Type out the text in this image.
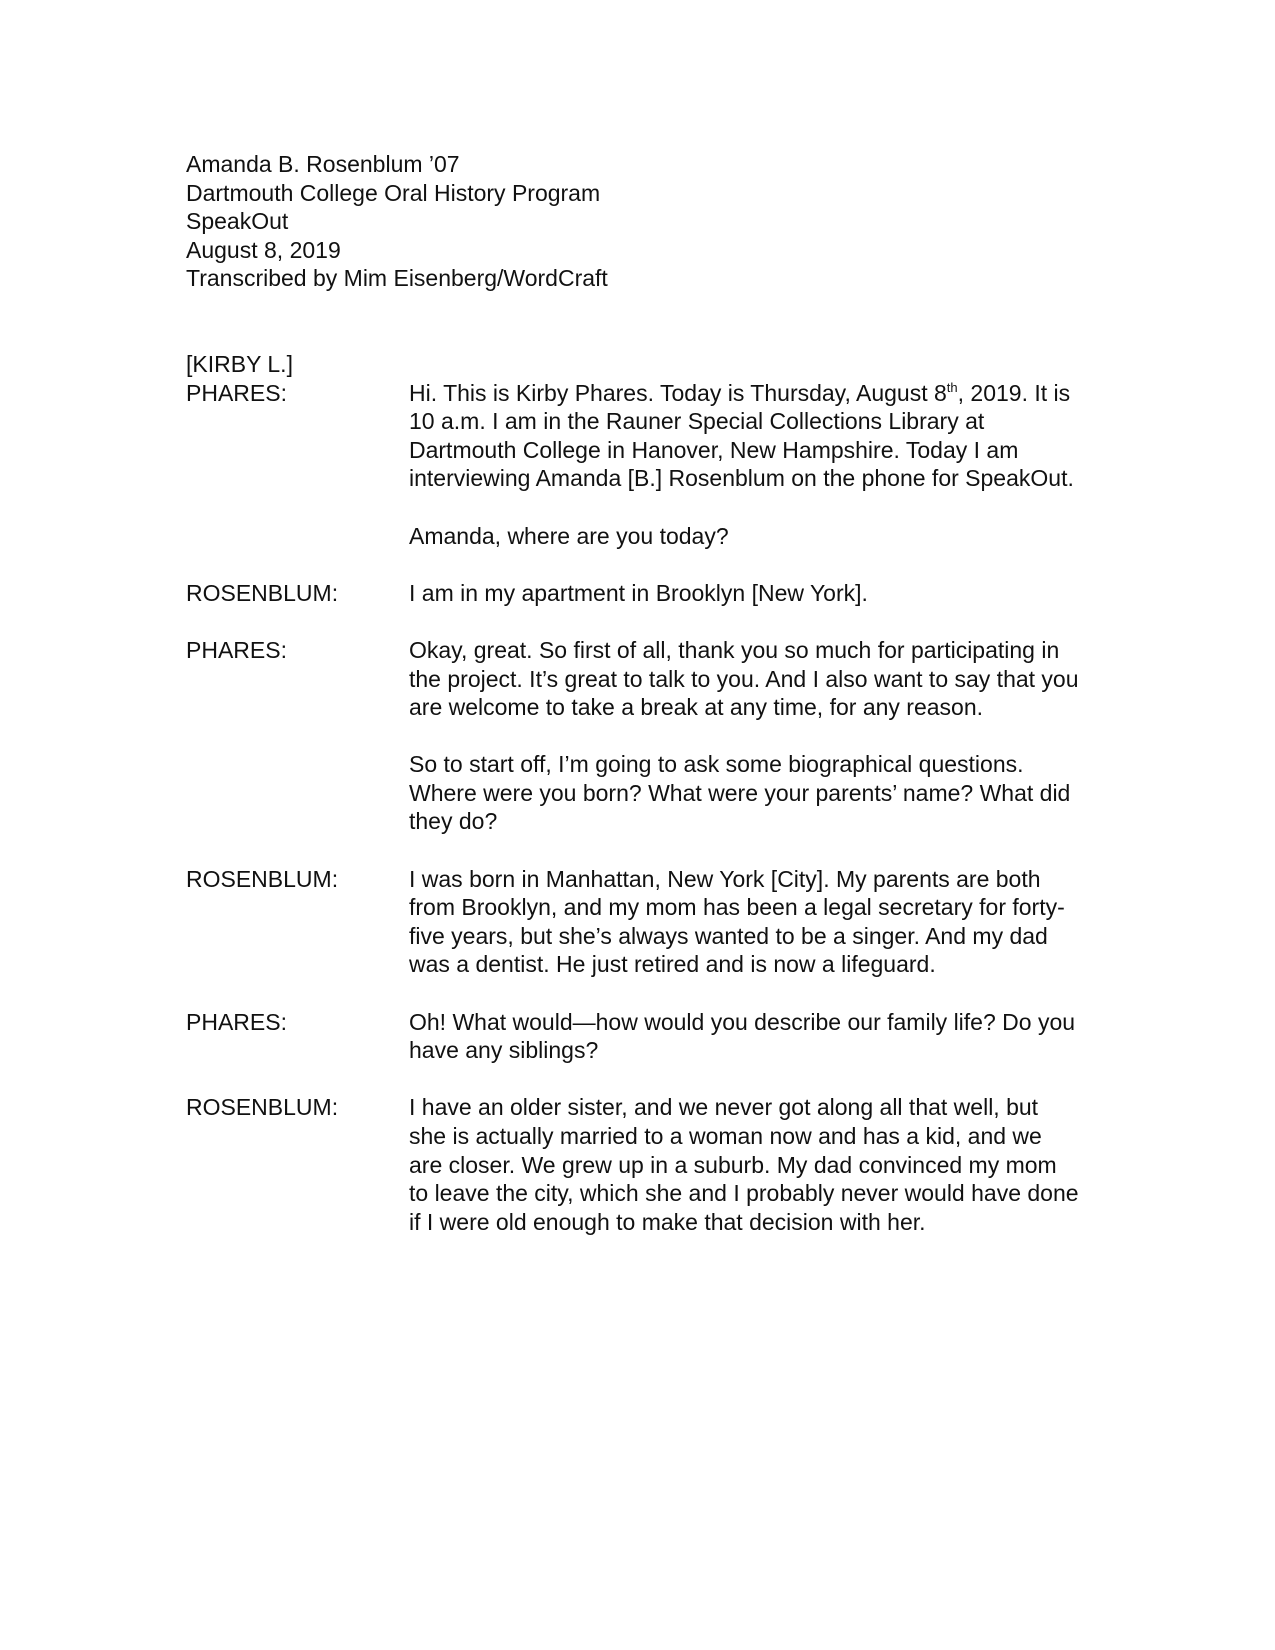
Amanda B. Rosenblum ’07
Dartmouth College Oral History Program
SpeakOut
August 8, 2019
Transcribed by Mim Eisenberg/WordCraft
[KIRBY L.]
PHARES:	Hi. This is Kirby Phares. Today is Thursday, August 8th, 2019. It is 10 a.m. I am in the Rauner Special Collections Library at Dartmouth College in Hanover, New Hampshire. Today I am interviewing Amanda [B.] Rosenblum on the phone for SpeakOut.

Amanda, where are you today?

ROSENBLUM:	I am in my apartment in Brooklyn [New York].

PHARES:	Okay, great. So first of all, thank you so much for participating in the project. It’s great to talk to you. And I also want to say that you are welcome to take a break at any time, for any reason.

So to start off, I’m going to ask some biographical questions. Where were you born? What were your parents’ name? What did they do?

ROSENBLUM:	I was born in Manhattan, New York [City]. My parents are both from Brooklyn, and my mom has been a legal secretary for forty-five years, but she’s always wanted to be a singer. And my dad was a dentist. He just retired and is now a lifeguard.

PHARES:	Oh! What would—how would you describe our family life? Do you have any siblings?

ROSENBLUM:	I have an older sister, and we never got along all that well, but she is actually married to a woman now and has a kid, and we are closer. We grew up in a suburb. My dad convinced my mom to leave the city, which she and I probably never would have done if I were old enough to make that decision with her.
